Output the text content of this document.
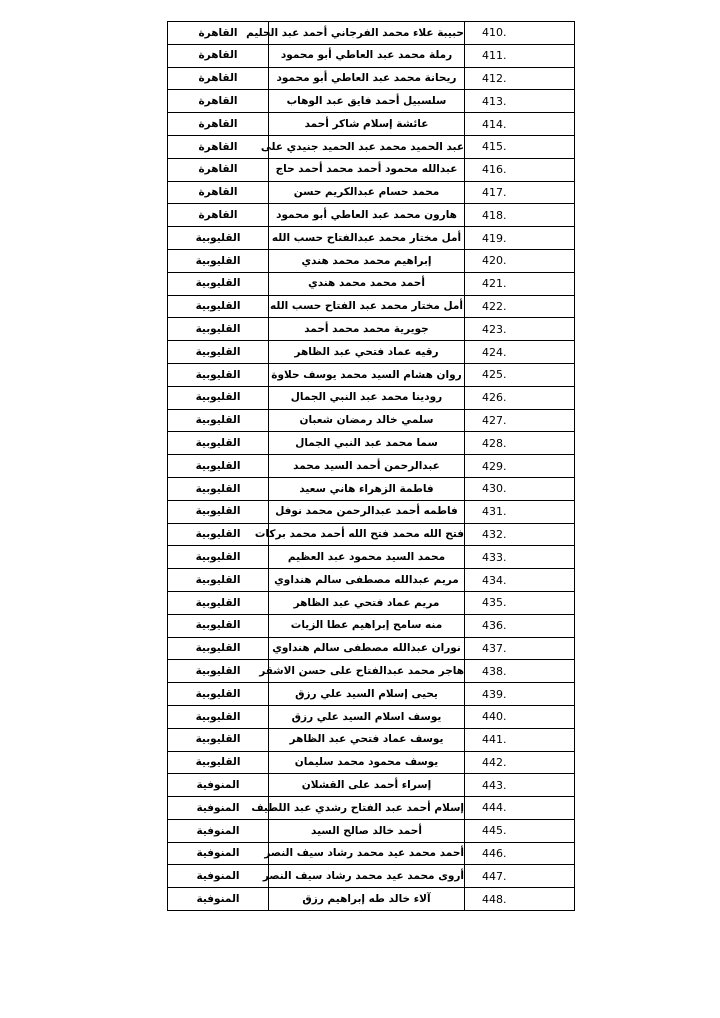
410.	حبيبة علاء محمد الفرجاني أحمد عبد الحليم	القاهرة
411.	رملة محمد عبد العاطي أبو محمود	القاهرة
412.	ريحانة محمد عبد العاطي أبو محمود	القاهرة
413.	سلسبيل أحمد فايق عبد الوهاب	القاهرة
414.	عائشة إسلام شاكر أحمد	القاهرة
415.	عبد الحميد محمد عبد الحميد جنيدي على	القاهرة
416.	عبدالله محمود أحمد محمد أحمد حاج	القاهرة
417.	محمد حسام عبدالكريم حسن	القاهرة
418.	هارون محمد عبد العاطي أبو محمود	القاهرة
419.	أمل مختار محمد عبدالفتاح حسب الله	القليوبية
420.	إبراهيم محمد محمد هندي	القليوبية
421.	أحمد محمد محمد هندي	القليوبية
422.	أمل مختار محمد عبد الفتاح حسب الله	القليوبية
423.	جويرية محمد محمد أحمد	القليوبية
424.	رقيه عماد فتحي عبد الظاهر	القليوبية
425.	روان هشام السيد محمد يوسف حلاوة	القليوبية
426.	رودينا محمد عبد النبي الجمال	القليوبية
427.	سلمي خالد رمضان شعبان	القليوبية
428.	سما محمد عبد النبي الجمال	القليوبية
429.	عبدالرحمن أحمد السيد محمد	القليوبية
430.	فاطمة الزهراء هاني سعيد	القليوبية
431.	فاطمه أحمد عبدالرحمن محمد نوفل	القليوبية
432.	فتح الله محمد فتح الله أحمد محمد بركات	القليوبية
433.	محمد السيد محمود عبد العظيم	القليوبية
434.	مريم عبدالله مصطفى سالم هنداوي	القليوبية
435.	مريم عماد فتحي عبد الظاهر	القليوبية
436.	منه سامح إبراهيم عطا الزيات	القليوبية
437.	نوران عبدالله مصطفى سالم هنداوي	القليوبية
438.	هاجر محمد عبدالفتاح على حسن الاشقر	القليوبية
439.	يحيى إسلام السيد علي رزق	القليوبية
440.	يوسف اسلام السيد علي رزق	القليوبية
441.	يوسف عماد فتحي عبد الظاهر	القليوبية
442.	يوسف محمود محمد سليمان	القليوبية
443.	إسراء أحمد على القشلان	المنوفية
444.	إسلام أحمد عبد الفتاح رشدي عبد اللطيف	المنوفية
445.	أحمد خالد صالح السيد	المنوفية
446.	أحمد محمد عيد محمد رشاد سيف النصر	المنوفية
447.	أروى محمد عيد محمد رشاد سيف النصر	المنوفية
448.	آلاء خالد طه إبراهيم رزق	المنوفية
